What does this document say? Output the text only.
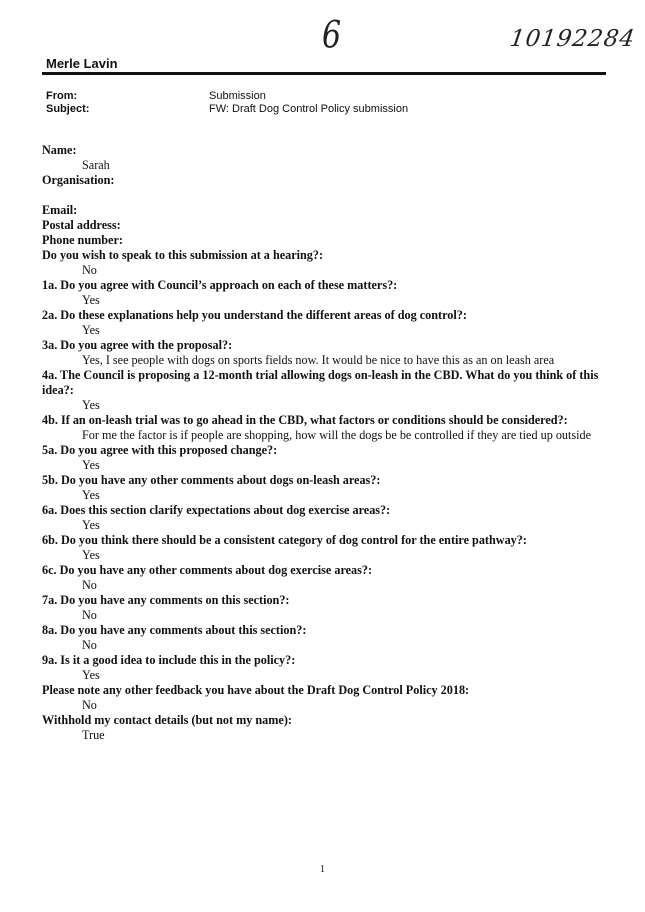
6	10192284
Merle Lavin
From:	Submission
Subject:	FW: Draft Dog Control Policy submission
Name:
Sarah
Organisation:
Email:
Postal address:
Phone number:
Do you wish to speak to this submission at a hearing?:
No
1a. Do you agree with Council’s approach on each of these matters?:
Yes
2a. Do these explanations help you understand the different areas of dog control?:
Yes
3a. Do you agree with the proposal?:
Yes, I see people with dogs on sports fields now. It would be nice to have this as an on leash area
4a. The Council is proposing a 12-month trial allowing dogs on-leash in the CBD. What do you think of this idea?:
Yes
4b. If an on-leash trial was to go ahead in the CBD, what factors or conditions should be considered?:
For me the factor is if people are shopping, how will the dogs be be controlled if they are tied up outside
5a. Do you agree with this proposed change?:
Yes
5b. Do you have any other comments about dogs on-leash areas?:
Yes
6a. Does this section clarify expectations about dog exercise areas?:
Yes
6b. Do you think there should be a consistent category of dog control for the entire pathway?:
Yes
6c. Do you have any other comments about dog exercise areas?:
No
7a. Do you have any comments on this section?:
No
8a. Do you have any comments about this section?:
No
9a. Is it a good idea to include this in the policy?:
Yes
Please note any other feedback you have about the Draft Dog Control Policy 2018:
No
Withhold my contact details (but not my name):
True
1
